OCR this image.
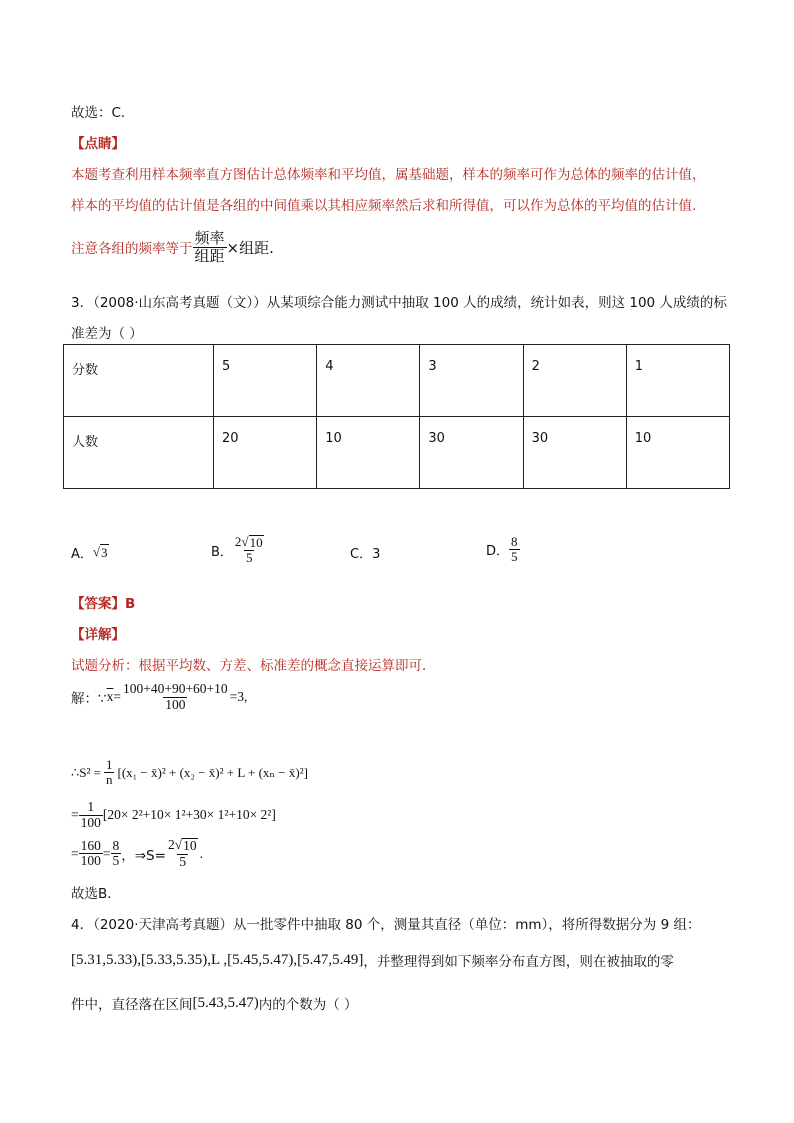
故选：C.
【点睛】
本题考查利用样本频率直方图估计总体频率和平均值，属基础题，样本的频率可作为总体的频率的估计值，
样本的平均值的估计值是各组的中间值乘以其相应频率然后求和所得值，可以作为总体的平均值的估计值.
注意各组的频率等于 $\frac{\text{频率}}{\text{组距}}$ ×组距.
3．（2008·山东高考真题（文））从某项综合能力测试中抽取 100 人的成绩，统计如表，则这 100 人成绩的标
准差为（ ）
分数	5	4	3	2	1
人数	20	10	30	30	10
A． √ 3	B． $\frac{2√ 10}{5}$	C．3	D． $\frac{8}{5}$
【答案】B
【详解】
试题分析：根据平均数、方差、标准差的概念直接运算即可．
解：∵ $\overline{x} = \frac{100+40+90+60+10}{100} =3$,
∴S² = $\frac{1}{n} [(x_1$ − x̄)² + (x₂ − x̄)² + L + (xₙ − x̄)²]
= $\frac{1}{100} [20\times 2^2+10\times 1^2+30\times 1^2+10\times 2^2]$
= $\frac{160}{100} = \frac{8}{5}$ ，⇒S= $\frac{2√ 10}{5}$ .
故选B．
4．（2020·天津高考真题）从一批零件中抽取 80 个，测量其直径（单位：mm），将所得数据分为 9 组：
[5.31,5.33),[5.33,5.35),L ,[5.45,5.47),[5.47,5.49] ，并整理得到如下频率分布直方图，则在被抽取的零
件中，直径落在区间 [5.43,5.47) 内的个数为（ ）
